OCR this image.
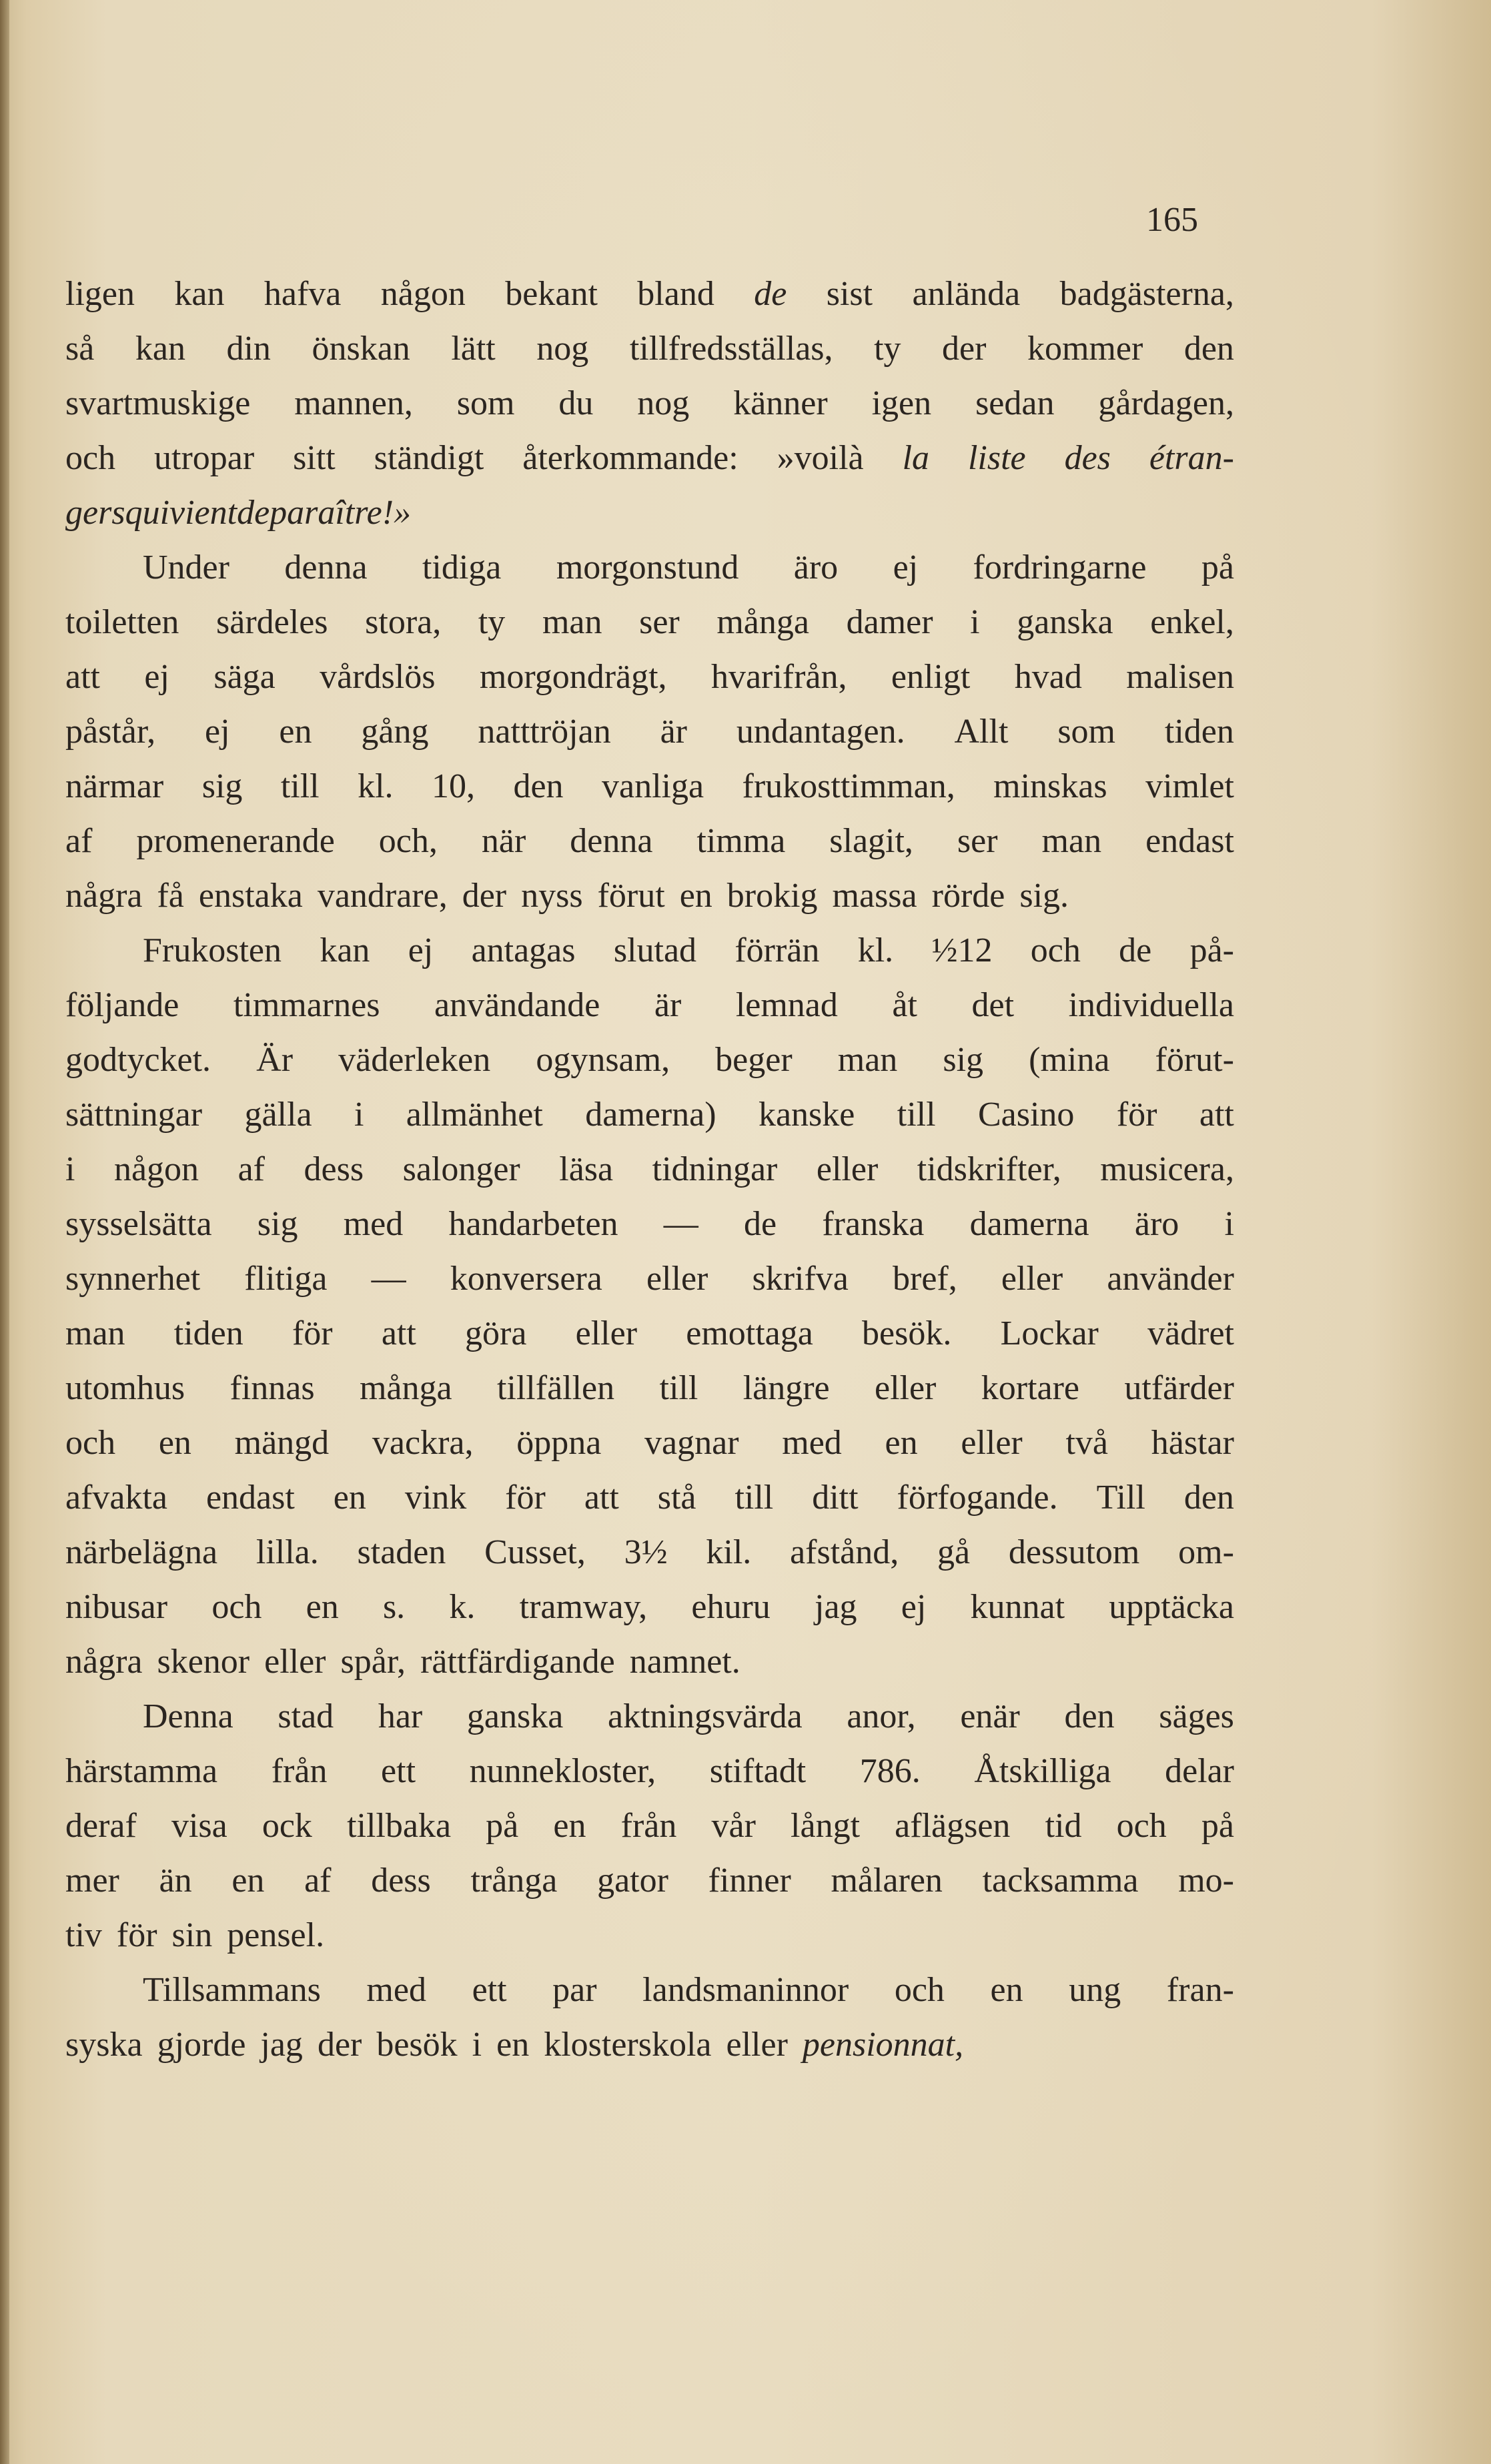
165
ligen kan hafva någon bekant bland de sist anlända badgästerna,
så kan din önskan lätt nog tillfredsställas, ty der kommer den
svartmuskige mannen, som du nog känner igen sedan gårdagen,
och utropar sitt ständigt återkommande: »voilà la liste des étran-
gers qui vient de paraître!»
Under denna tidiga morgonstund äro ej fordringarne på
toiletten särdeles stora, ty man ser många damer i ganska enkel,
att ej säga vårdslös morgondrägt, hvarifrån, enligt hvad malisen
påstår, ej en gång natttröjan är undantagen. Allt som tiden
närmar sig till kl. 10, den vanliga frukosttimman, minskas vimlet
af promenerande och, när denna timma slagit, ser man endast
några få enstaka vandrare, der nyss förut en brokig massa rörde sig.
Frukosten kan ej antagas slutad förrän kl. ½12 och de på-
följande timmarnes användande är lemnad åt det individuella
godtycket. Är väderleken ogynsam, beger man sig (mina förut-
sättningar gälla i allmänhet damerna) kanske till Casino för att
i någon af dess salonger läsa tidningar eller tidskrifter, musicera,
sysselsätta sig med handarbeten — de franska damerna äro i
synnerhet flitiga — konversera eller skrifva bref, eller använder
man tiden för att göra eller emottaga besök. Lockar vädret
utomhus finnas många tillfällen till längre eller kortare utfärder
och en mängd vackra, öppna vagnar med en eller två hästar
afvakta endast en vink för att stå till ditt förfogande. Till den
närbelägna lilla. staden Cusset, 3½ kil. afstånd, gå dessutom om-
nibusar och en s. k. tramway, ehuru jag ej kunnat upptäcka
några skenor eller spår, rättfärdigande namnet.
Denna stad har ganska aktningsvärda anor, enär den säges
härstamma från ett nunnekloster, stiftadt 786. Åtskilliga delar
deraf visa ock tillbaka på en från vår långt aflägsen tid och på
mer än en af dess trånga gator finner målaren tacksamma mo-
tiv för sin pensel.
Tillsammans med ett par landsmaninnor och en ung fran-
syska gjorde jag der besök i en klosterskola eller pensionnat,
